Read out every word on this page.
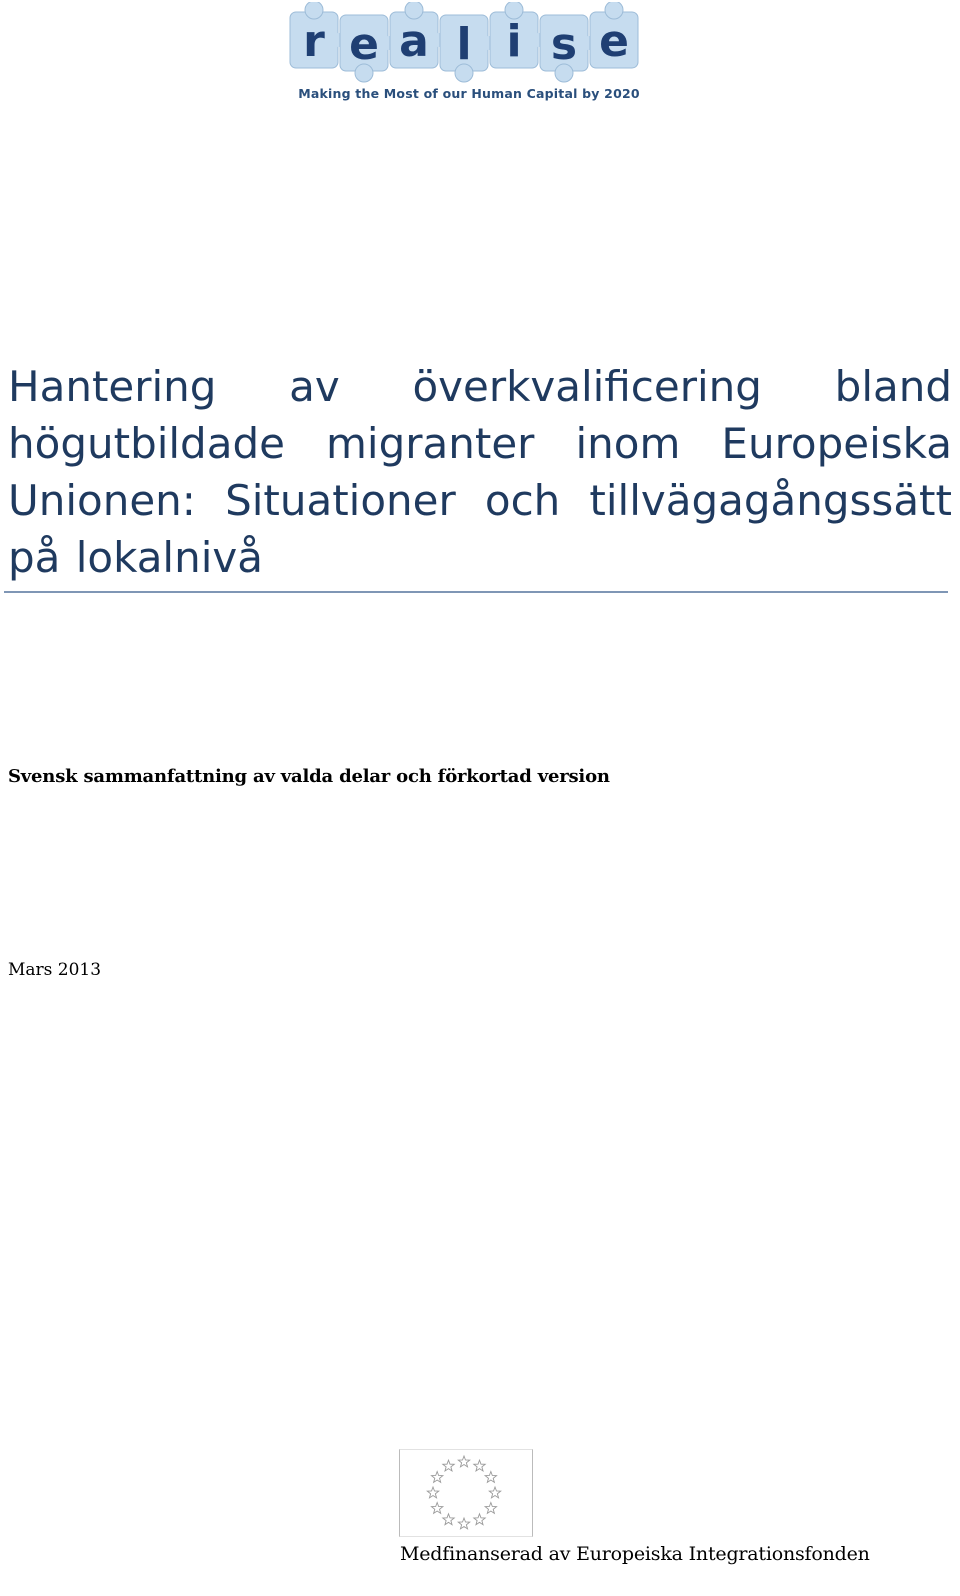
r e a l i s e
Making the Most of our Human Capital by 2020
Hantering av överkvalificering bland högutbildade migranter inom Europeiska Unionen: Situationer och tillvägagångssätt på lokalnivå
Svensk sammanfattning av valda delar och förkortad version
Mars 2013
Medfinanserad av Europeiska Integrationsfonden
